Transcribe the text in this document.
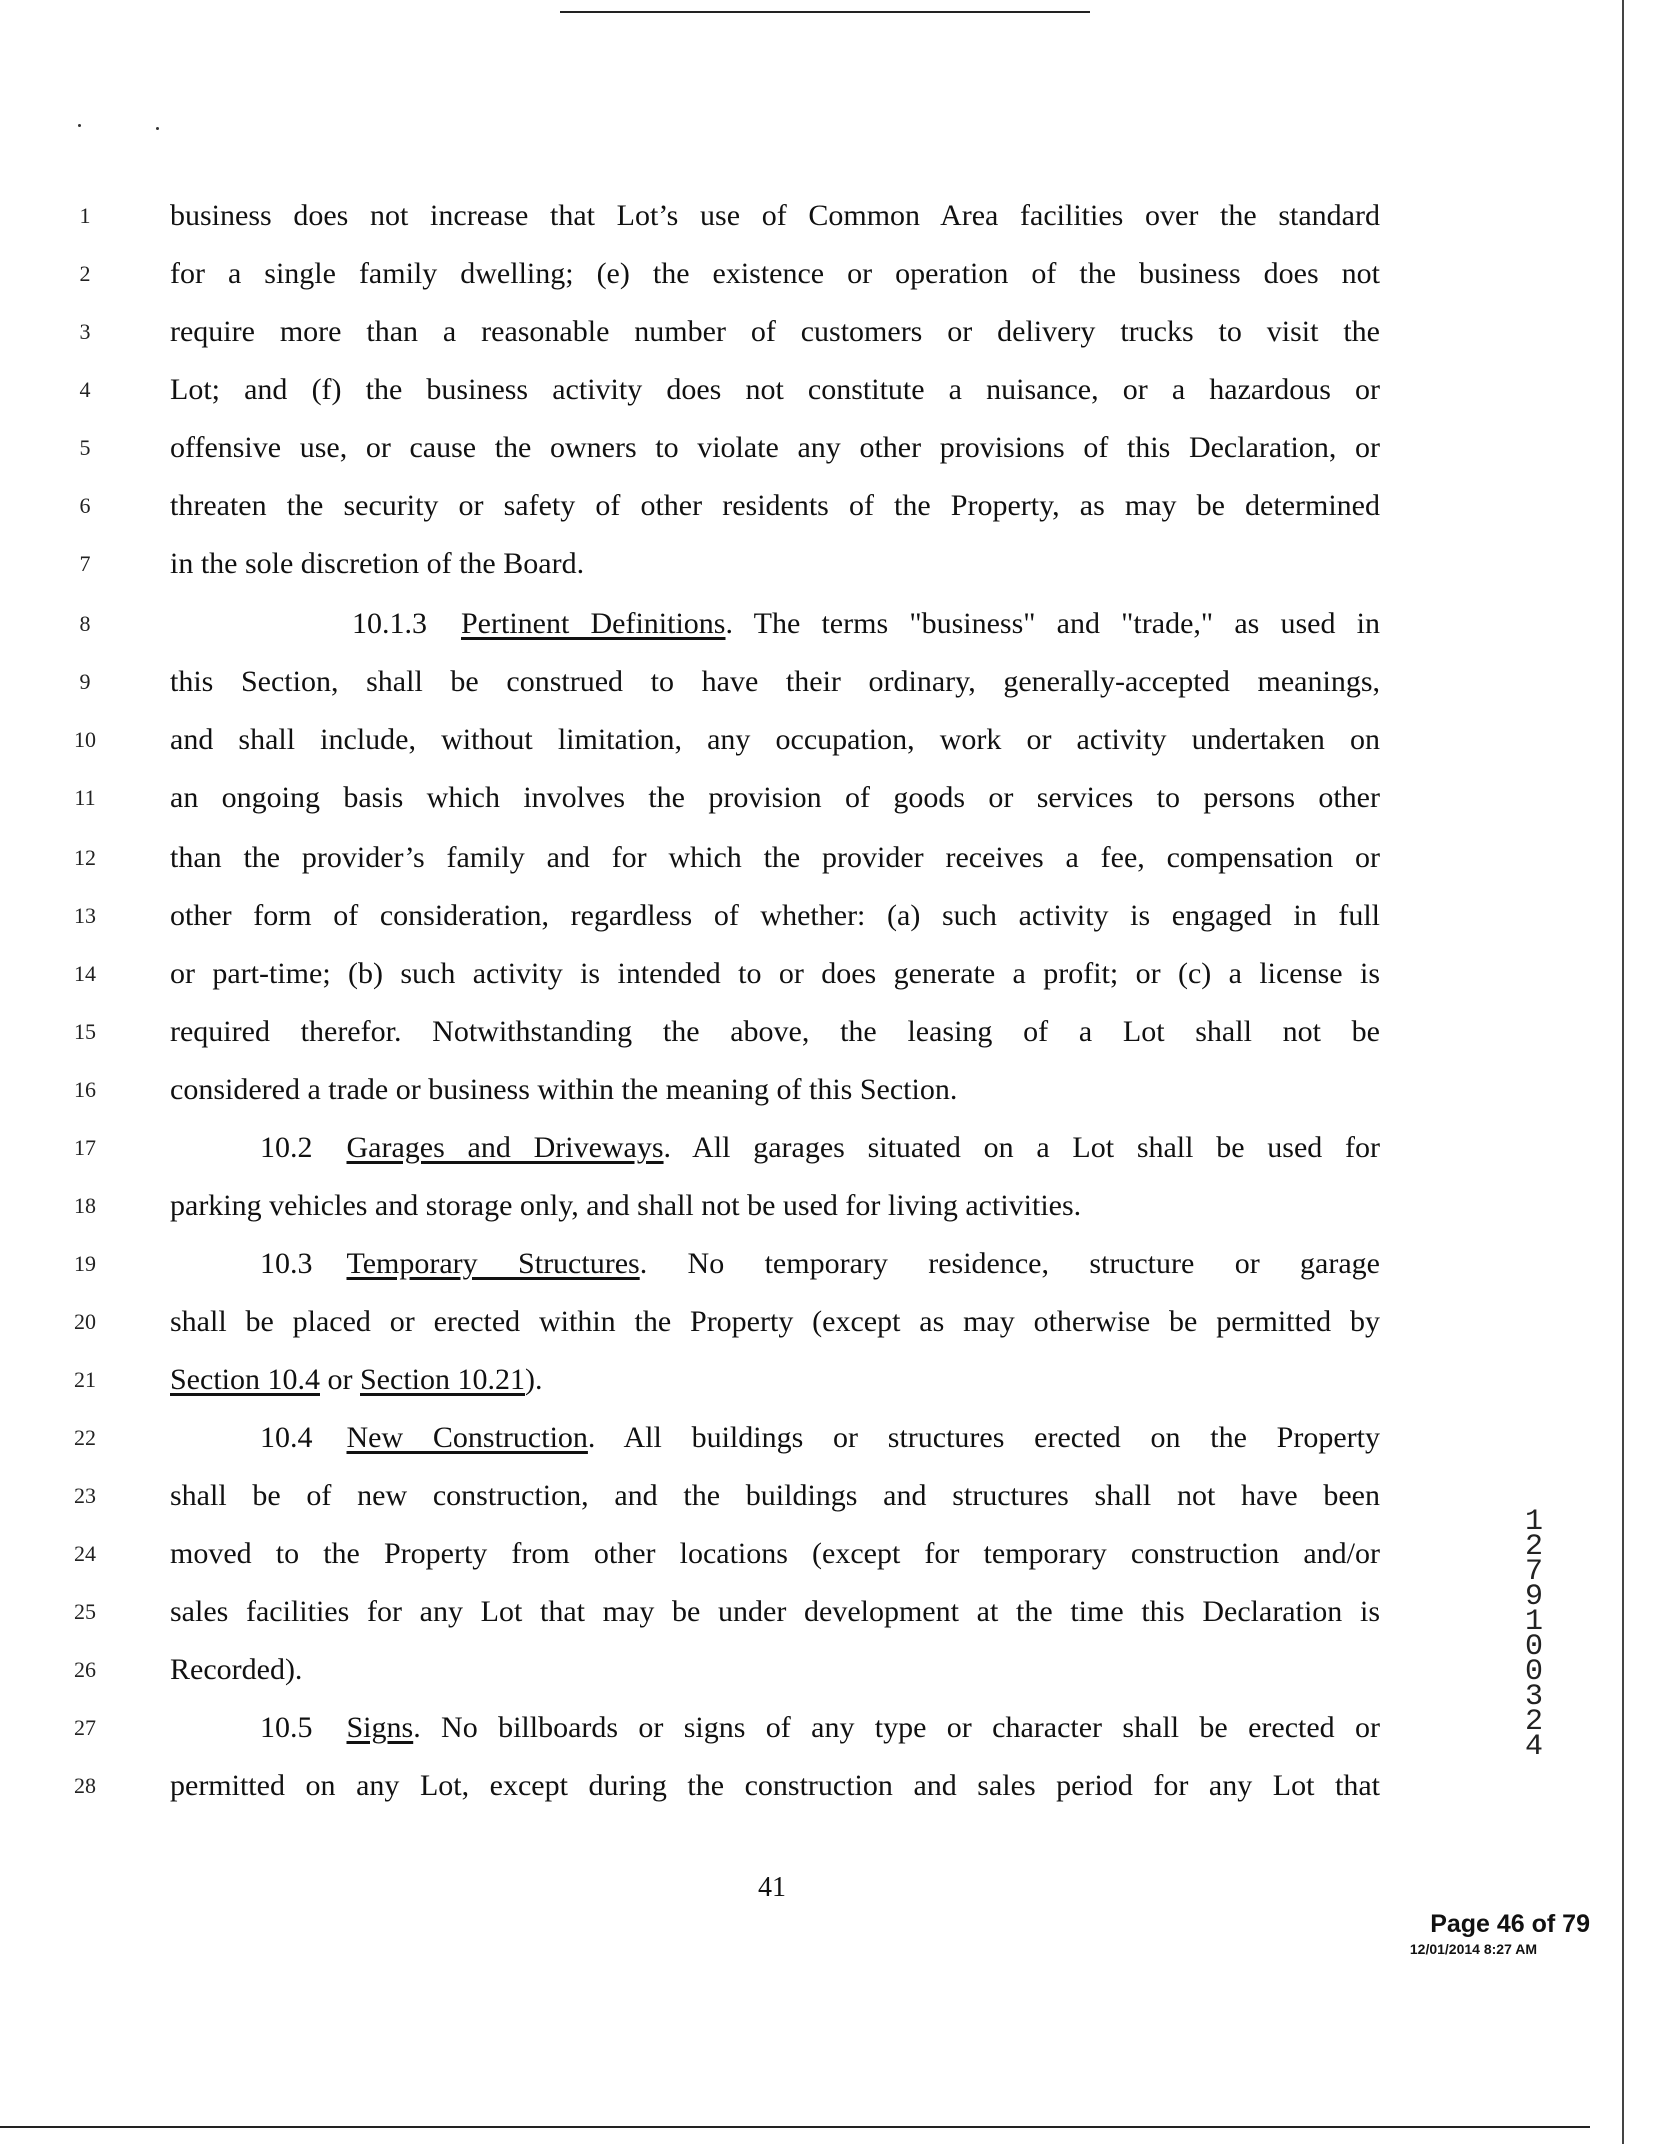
1
2
3
4
5
6
7
8
9
10
11
12
13
14
15
16
17
18
19
20
21
22
23
24
25
26
27
28
business does not increase that Lot’s use of Common Area facilities over the standard
for a single family dwelling; (e) the existence or operation of the business does not
require more than a reasonable number of customers or delivery trucks to visit the
Lot; and (f) the business activity does not constitute a nuisance, or a hazardous or
offensive use, or cause the owners to violate any other provisions of this Declaration, or
threaten the security or safety of other residents of the Property, as may be determined
in the sole discretion of the Board.
10.1.3 Pertinent Definitions. The terms "business" and "trade," as used in
this Section, shall be construed to have their ordinary, generally-accepted meanings,
and shall include, without limitation, any occupation, work or activity undertaken on
an ongoing basis which involves the provision of goods or services to persons other
than the provider’s family and for which the provider receives a fee, compensation or
other form of consideration, regardless of whether: (a) such activity is engaged in full
or part-time; (b) such activity is intended to or does generate a profit; or (c) a license is
required therefor. Notwithstanding the above, the leasing of a Lot shall not be
considered a trade or business within the meaning of this Section.
10.2 Garages and Driveways. All garages situated on a Lot shall be used for
parking vehicles and storage only, and shall not be used for living activities.
10.3 Temporary Structures. No temporary residence, structure or garage
shall be placed or erected within the Property (except as may otherwise be permitted by
Section 10.4 or Section 10.21).
10.4 New Construction. All buildings or structures erected on the Property
shall be of new construction, and the buildings and structures shall not have been
moved to the Property from other locations (except for temporary construction and/or
sales facilities for any Lot that may be under development at the time this Declaration is
Recorded).
10.5 Signs. No billboards or signs of any type or character shall be erected or
permitted on any Lot, except during the construction and sales period for any Lot that
1279100324
41
Page 46 of 79
12/01/2014 8:27 AM
